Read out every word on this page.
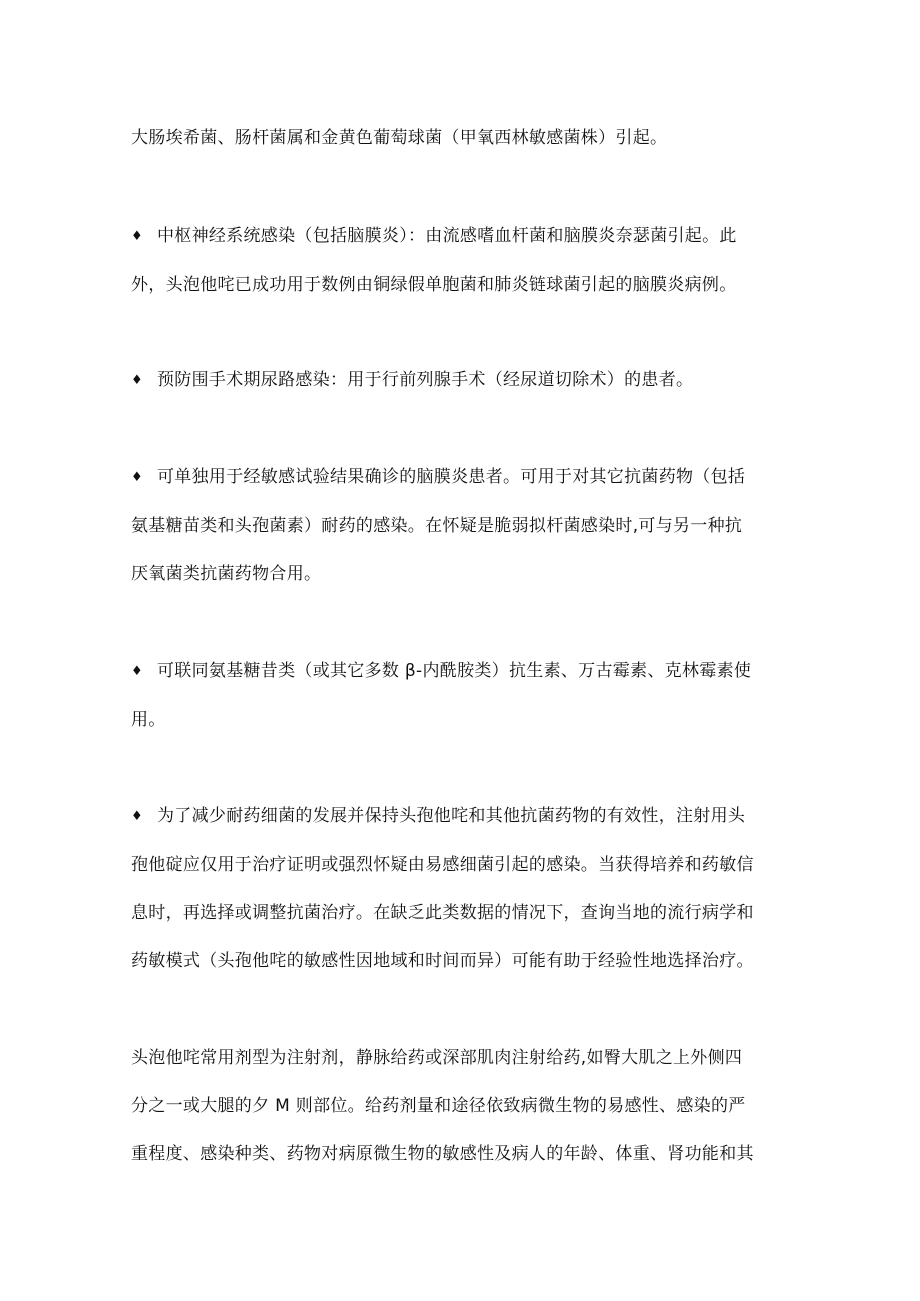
大肠埃希菌、肠杆菌属和金黄色葡萄球菌（甲氧西林敏感菌株）引起。

♦ 中枢神经系统感染（包括脑膜炎）：由流感嗜血杆菌和脑膜炎奈瑟菌引起。此
外，头泡他咤已成功用于数例由铜绿假单胞菌和肺炎链球菌引起的脑膜炎病例。

♦ 预防围手术期尿路感染：用于行前列腺手术（经尿道切除术）的患者。

♦ 可单独用于经敏感试验结果确诊的脑膜炎患者。可用于对其它抗菌药物（包括
氨基糖苗类和头孢菌素）耐药的感染。在怀疑是脆弱拟杆菌感染时,可与另一种抗
厌氧菌类抗菌药物合用。

♦ 可联同氨基糖昔类（或其它多数 β-内酰胺类）抗生素、万古霉素、克林霉素使
用。

♦ 为了减少耐药细菌的发展并保持头孢他咤和其他抗菌药物的有效性，注射用头
孢他碇应仅用于治疗证明或强烈怀疑由易感细菌引起的感染。当获得培养和药敏信
息时，再选择或调整抗菌治疗。在缺乏此类数据的情况下，查询当地的流行病学和
药敏模式（头孢他咤的敏感性因地域和时间而异）可能有助于经验性地选择治疗。

头泡他咤常用剂型为注射剂，静脉给药或深部肌肉注射给药,如臀大肌之上外侧四
分之一或大腿的夕 M 则部位。给药剂量和途径依致病微生物的易感性、感染的严
重程度、感染种类、药物对病原微生物的敏感性及病人的年龄、体重、肾功能和其
